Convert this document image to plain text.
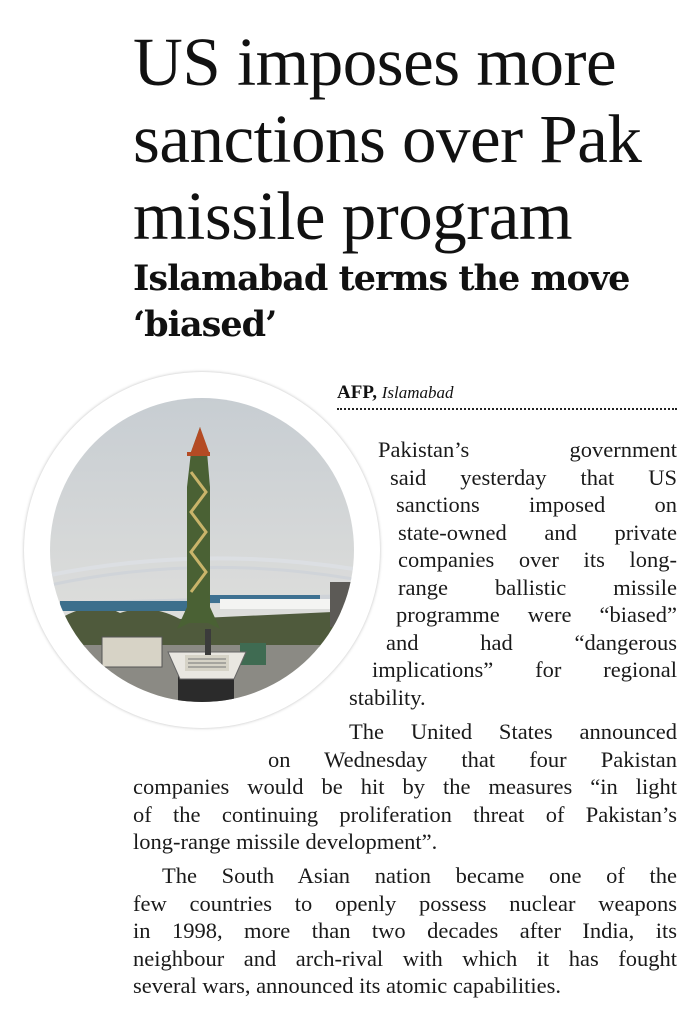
US imposes more sanctions over Pak missile program
Islamabad terms the move ‘biased’
AFP, Islamabad

Pakistan’s government
said yesterday that US
sanctions imposed on
state-owned and private
companies over its long-
range ballistic missile
programme were “biased”
and had “dangerous
implications” for regional
stability.

The United States announced
on Wednesday that four Pakistan
companies would be hit by the measures “in light
of the continuing proliferation threat of Pakistan’s
long-range missile development”.

The South Asian nation became one of the
few countries to openly possess nuclear weapons
in 1998, more than two decades after India, its
neighbour and arch-rival with which it has fought
several wars, announced its atomic capabilities.
